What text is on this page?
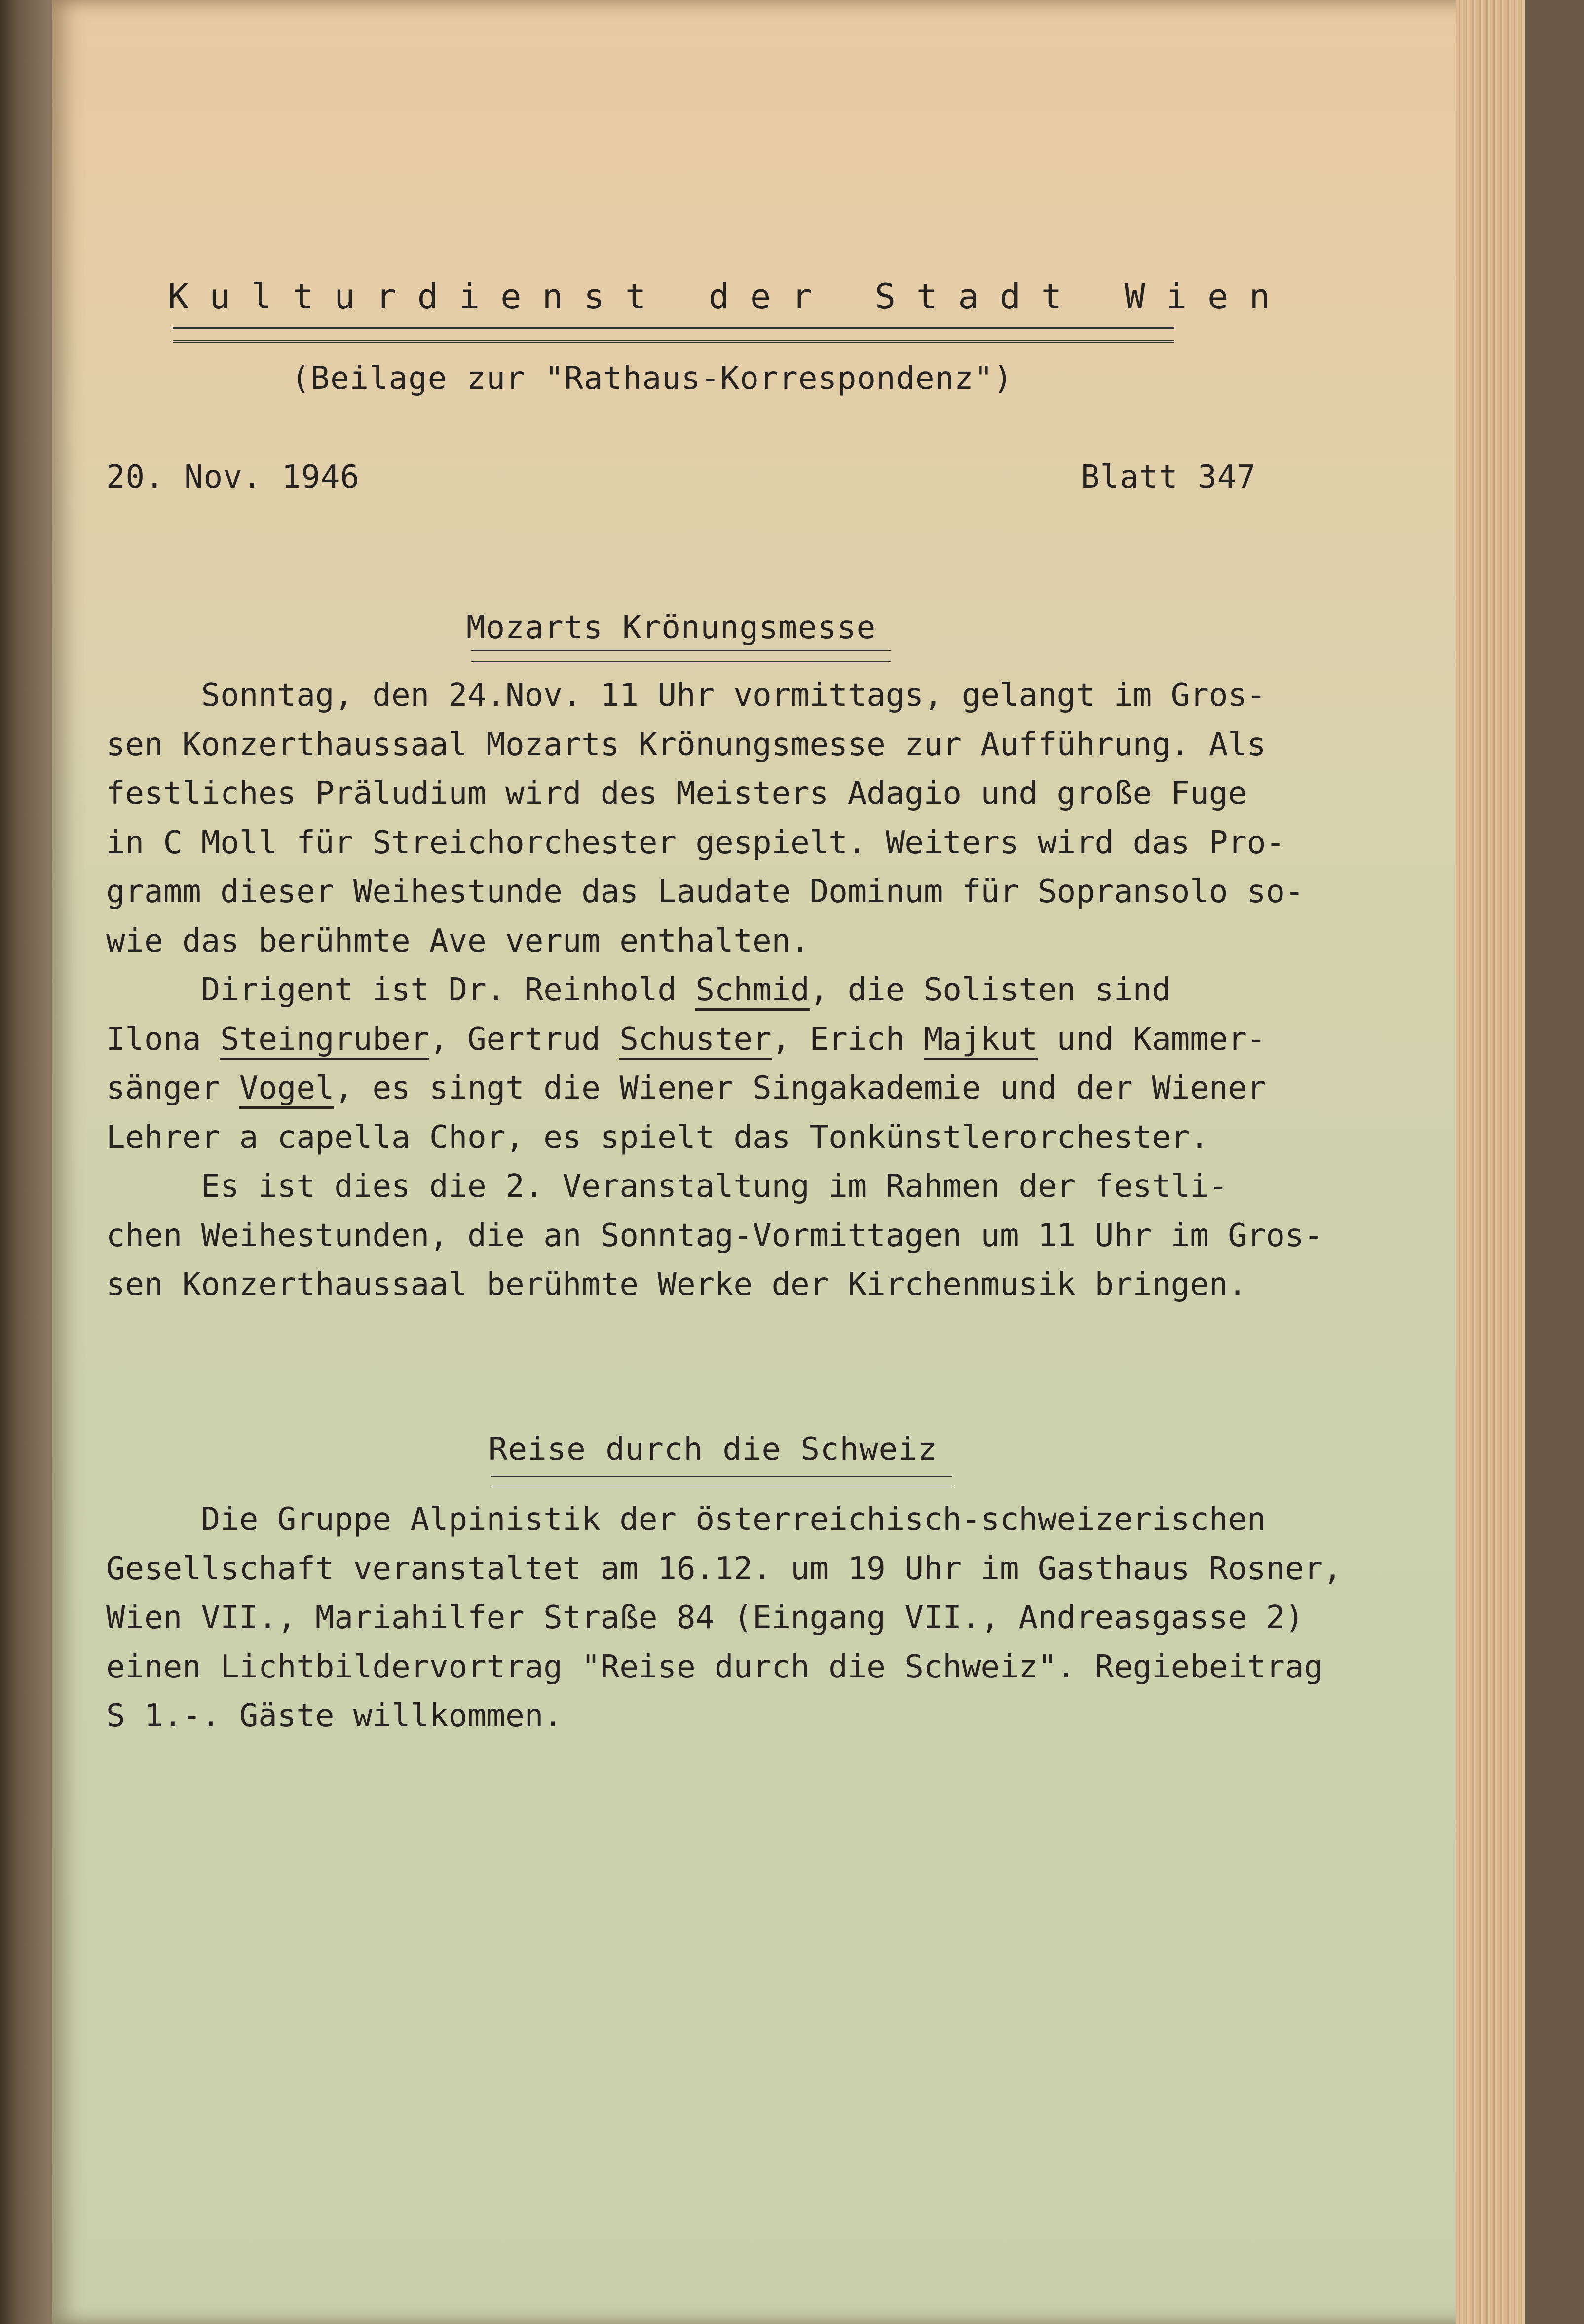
K u l t u r d i e n s t   d e r   S t a d t   W i e n
(Beilage zur "Rathaus-Korrespondenz")
20. Nov. 1946	Blatt 347
Mozarts Krönungsmesse
Sonntag, den 24.Nov. 11 Uhr vormittags, gelangt im Gros-
sen Konzerthaussaal Mozarts Krönungsmesse zur Aufführung. Als
festliches Präludium wird des Meisters Adagio und große Fuge
in C Moll für Streichorchester gespielt. Weiters wird das Pro-
gramm dieser Weihestunde das Laudate Dominum für Sopransolo so-
wie das berühmte Ave verum enthalten.
Dirigent ist Dr. Reinhold Schmid, die Solisten sind
Ilona Steingruber, Gertrud Schuster, Erich Majkut und Kammer-
sänger Vogel, es singt die Wiener Singakademie und der Wiener
Lehrer a capella Chor, es spielt das Tonkünstlerorchester.
Es ist dies die 2. Veranstaltung im Rahmen der festli-
chen Weihestunden, die an Sonntag-Vormittagen um 11 Uhr im Gros-
sen Konzerthaussaal berühmte Werke der Kirchenmusik bringen.
Reise durch die Schweiz
Die Gruppe Alpinistik der österreichisch-schweizerischen
Gesellschaft veranstaltet am 16.12. um 19 Uhr im Gasthaus Rosner,
Wien VII., Mariahilfer Straße 84 (Eingang VII., Andreasgasse 2)
einen Lichtbildervortrag "Reise durch die Schweiz". Regiebeitrag
S 1.-. Gäste willkommen.
